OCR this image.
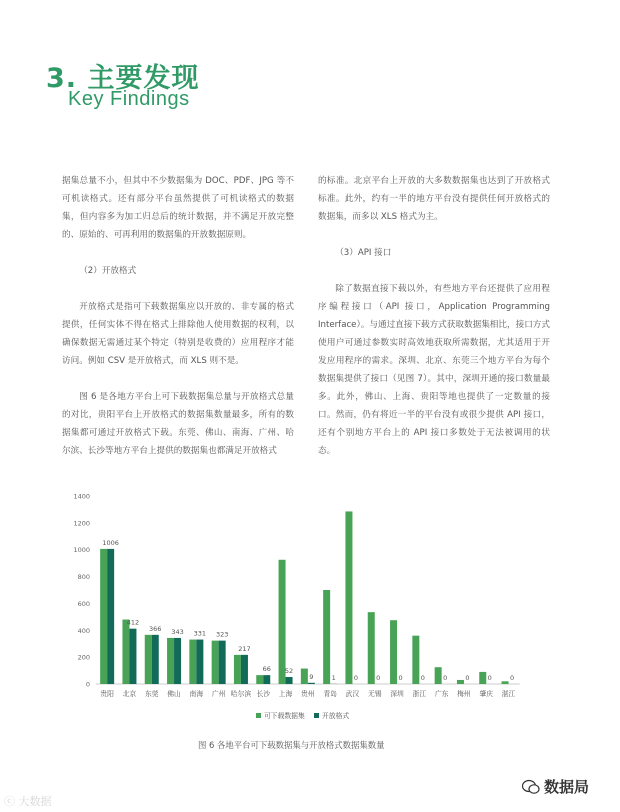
3. 主要发现
Key Findings

据集总量不小，但其中不少数据集为 DOC、PDF、JPG 等不可机读格式。还有部分平台虽然提供了可机读格式的数据集，但内容多为加工归总后的统计数据，并不满足开放完整的、原始的、可再利用的数据集的开放数据原则。

（2）开放格式

开放格式是指可下载数据集应以开放的、非专属的格式提供，任何实体不得在格式上排除他人使用数据的权利，以确保数据无需通过某个特定（特别是收费的）应用程序才能访问。例如 CSV 是开放格式，而 XLS 则不是。

图 6 是各地方平台上可下载数据集总量与开放格式总量的对比，贵阳平台上开放格式的数据集数量最多，所有的数据集都可通过开放格式下载。东莞、佛山、南海、广州、哈尔滨、长沙等地方平台上提供的数据集也都满足开放格式

的标准。北京平台上开放的大多数数据集也达到了开放格式标准。此外，约有一半的地方平台没有提供任何开放格式的数据集，而多以 XLS 格式为主。

（3）API 接口

除了数据直接下载以外，有些地方平台还提供了应用程序编程接口（API 接口，Application Programming Interface）。与通过直接下载方式获取数据集相比，接口方式使用户可通过参数实时高效地获取所需数据，尤其适用于开发应用程序的需求。深圳、北京、东莞三个地方平台为每个数据集提供了接口（见图 7）。其中，深圳开通的接口数量最多。此外，佛山、上海、贵阳等地也提供了一定数量的接口。然而，仍有将近一半的平台没有或很少提供 API 接口，还有个别地方平台上的 API 接口多数处于无法被调用的状态。

0
200
400
600
800
1000
1200
1400
1006
贵阳
412
北京
366
东莞
343
佛山
331
南海
323
广州
217
哈尔滨
66
长沙
52
上海
9
贵州
1
青岛
0
武汉
0
无锡
0
深圳
0
浙江
0
广东
0
梅州
0
肇庆
0
湛江
可下载数据集	开放格式
图 6 各地平台可下载数据集与开放格式数据集数量
ⓒ 大数据
数据局
